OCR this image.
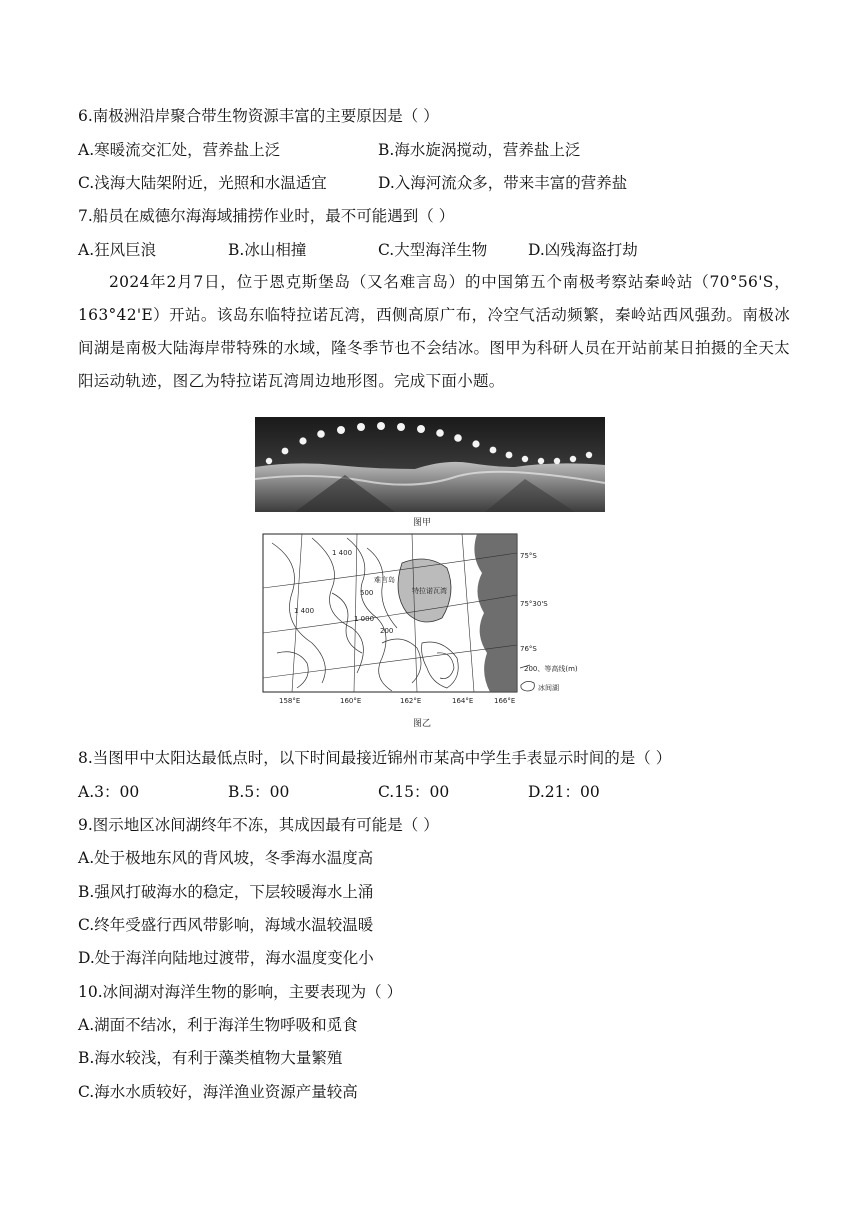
6.南极洲沿岸聚合带生物资源丰富的主要原因是（ ）
A.寒暖流交汇处，营养盐上泛	B.海水旋涡搅动，营养盐上泛
C.浅海大陆架附近，光照和水温适宜	D.入海河流众多，带来丰富的营养盐
7.船员在威德尔海海域捕捞作业时，最不可能遇到（ ）
A.狂风巨浪	B.冰山相撞	C.大型海洋生物	D.凶残海盗打劫
2024年2月7日，位于恩克斯堡岛（又名难言岛）的中国第五个南极考察站秦岭站（70°56'S，163°42'E）开站。该岛东临特拉诺瓦湾，西侧高原广布，冷空气活动频繁，秦岭站西风强劲。南极冰间湖是南极大陆海岸带特殊的水域，隆冬季节也不会结冰。图甲为科研人员在开站前某日拍摄的全天太阳运动轨迹，图乙为特拉诺瓦湾周边地形图。完成下面小题。
图甲
1 400
1 400
1 000
500
200
难言岛
特拉诺瓦湾
75°S
75°30'S
76°S
158°E	160°E	162°E	164°E	166°E
200、等高线(m)
冰间湖
图乙
8.当图甲中太阳达最低点时，以下时间最接近锦州市某高中学生手表显示时间的是（ ）
A.3：00	B.5：00	C.15：00	D.21：00
9.图示地区冰间湖终年不冻，其成因最有可能是（ ）
A.处于极地东风的背风坡，冬季海水温度高
B.强风打破海水的稳定，下层较暖海水上涌
C.终年受盛行西风带影响，海域水温较温暖
D.处于海洋向陆地过渡带，海水温度变化小
10.冰间湖对海洋生物的影响，主要表现为（ ）
A.湖面不结冰，利于海洋生物呼吸和觅食
B.海水较浅，有利于藻类植物大量繁殖
C.海水水质较好，海洋渔业资源产量较高
